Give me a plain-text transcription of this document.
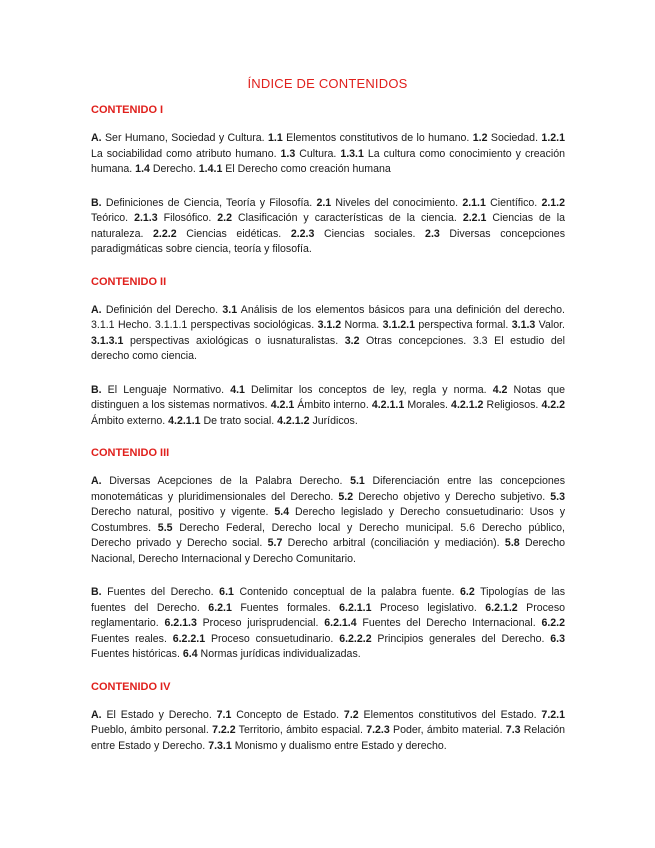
ÍNDICE DE CONTENIDOS
CONTENIDO I

A. Ser Humano, Sociedad y Cultura. 1.1 Elementos constitutivos de lo humano. 1.2 Sociedad. 1.2.1 La sociabilidad como atributo humano. 1.3 Cultura. 1.3.1 La cultura como conocimiento y creación humana. 1.4 Derecho. 1.4.1 El Derecho como creación humana

B. Definiciones de Ciencia, Teoría y Filosofía. 2.1 Niveles del conocimiento. 2.1.1 Científico. 2.1.2 Teórico. 2.1.3 Filosófico. 2.2 Clasificación y características de la ciencia. 2.2.1 Ciencias de la naturaleza. 2.2.2 Ciencias eidéticas. 2.2.3 Ciencias sociales. 2.3 Diversas concepciones paradigmáticas sobre ciencia, teoría y filosofía.

CONTENIDO II

A. Definición del Derecho. 3.1 Análisis de los elementos básicos para una definición del derecho. 3.1.1 Hecho. 3.1.1.1 perspectivas sociológicas. 3.1.2 Norma. 3.1.2.1 perspectiva formal. 3.1.3 Valor. 3.1.3.1 perspectivas axiológicas o iusnaturalistas. 3.2 Otras concepciones. 3.3 El estudio del derecho como ciencia.

B. El Lenguaje Normativo. 4.1 Delimitar los conceptos de ley, regla y norma. 4.2 Notas que distinguen a los sistemas normativos. 4.2.1 Ámbito interno. 4.2.1.1 Morales. 4.2.1.2 Religiosos. 4.2.2 Ámbito externo. 4.2.1.1 De trato social. 4.2.1.2 Jurídicos.

CONTENIDO III

A. Diversas Acepciones de la Palabra Derecho. 5.1 Diferenciación entre las concepciones monotemáticas y pluridimensionales del Derecho. 5.2 Derecho objetivo y Derecho subjetivo. 5.3 Derecho natural, positivo y vigente. 5.4 Derecho legislado y Derecho consuetudinario: Usos y Costumbres. 5.5 Derecho Federal, Derecho local y Derecho municipal. 5.6 Derecho público, Derecho privado y Derecho social. 5.7 Derecho arbitral (conciliación y mediación). 5.8 Derecho Nacional, Derecho Internacional y Derecho Comunitario.

B. Fuentes del Derecho. 6.1 Contenido conceptual de la palabra fuente. 6.2 Tipologías de las fuentes del Derecho. 6.2.1 Fuentes formales. 6.2.1.1 Proceso legislativo. 6.2.1.2 Proceso reglamentario. 6.2.1.3 Proceso jurisprudencial. 6.2.1.4 Fuentes del Derecho Internacional. 6.2.2 Fuentes reales. 6.2.2.1 Proceso consuetudinario. 6.2.2.2 Principios generales del Derecho. 6.3 Fuentes históricas. 6.4 Normas jurídicas individualizadas.

CONTENIDO IV

A. El Estado y Derecho. 7.1 Concepto de Estado. 7.2 Elementos constitutivos del Estado. 7.2.1 Pueblo, ámbito personal. 7.2.2 Territorio, ámbito espacial. 7.2.3 Poder, ámbito material. 7.3 Relación entre Estado y Derecho. 7.3.1 Monismo y dualismo entre Estado y derecho.
